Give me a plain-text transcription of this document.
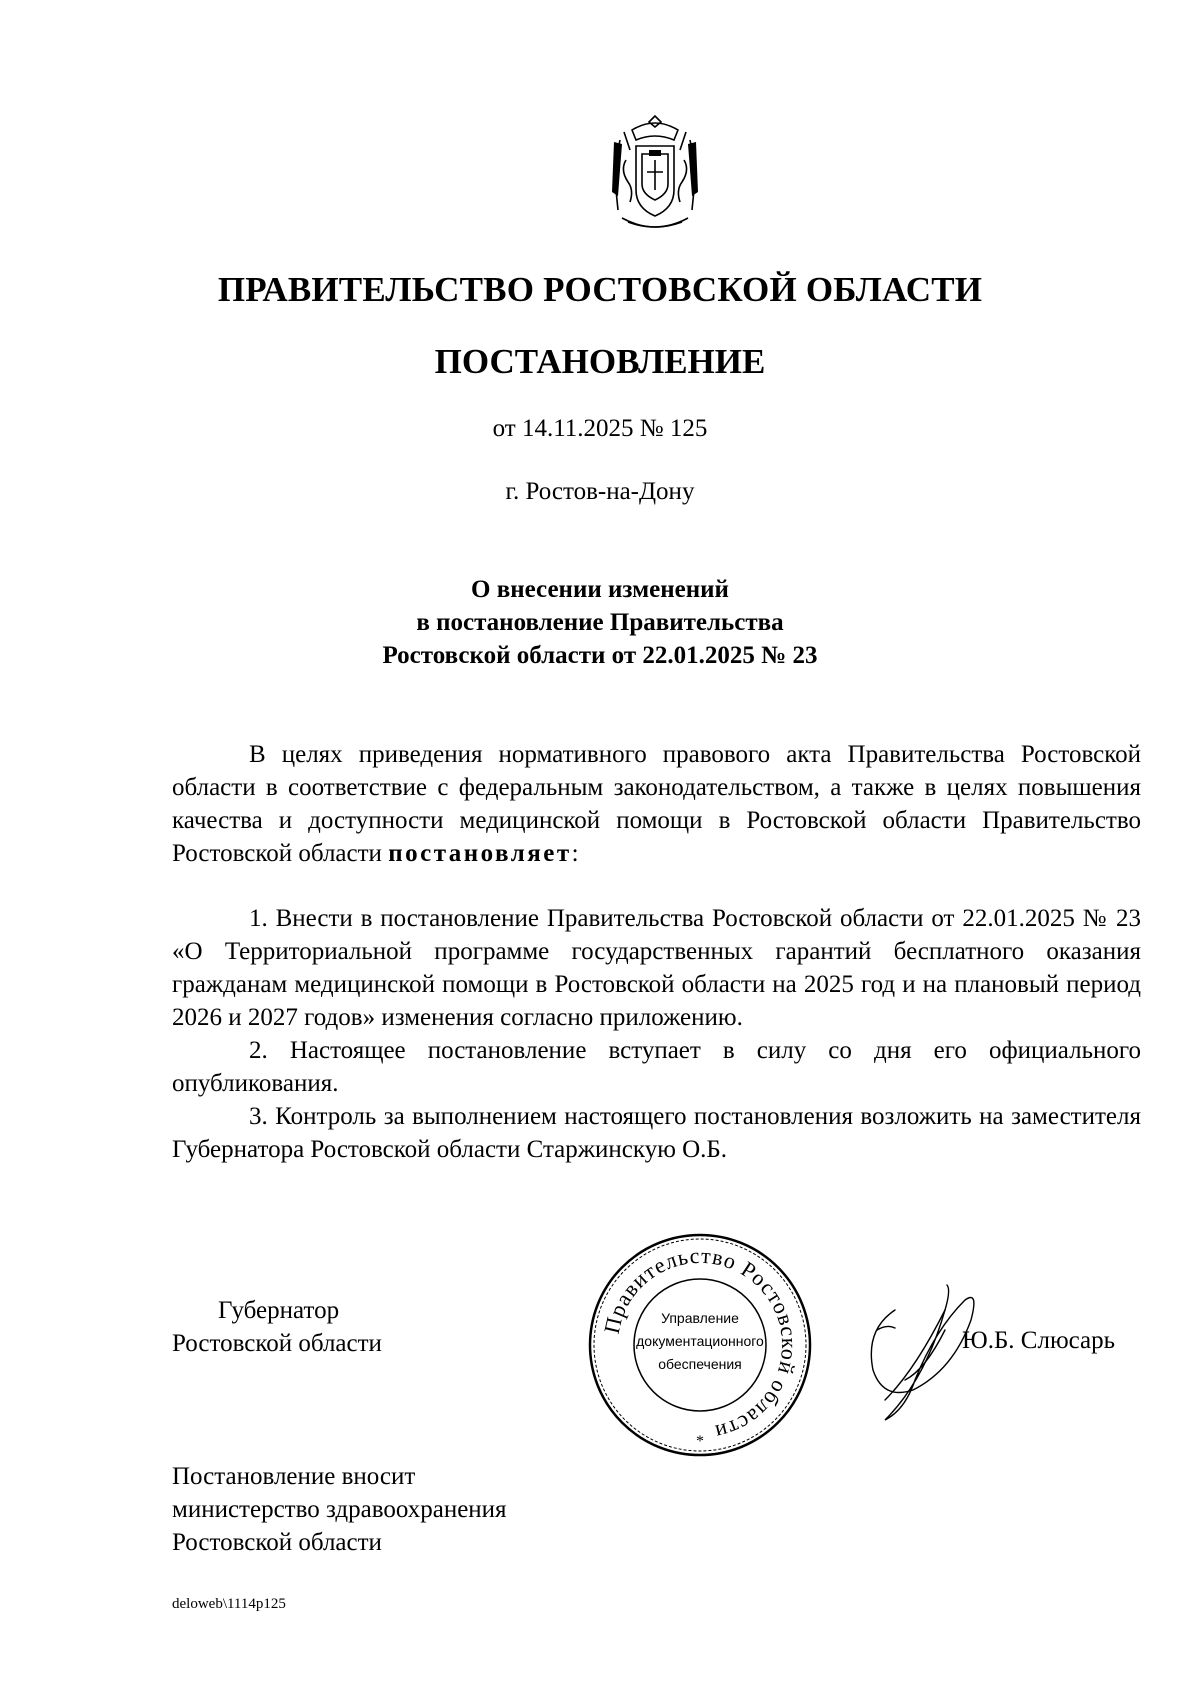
ПРАВИТЕЛЬСТВО РОСТОВСКОЙ ОБЛАСТИ
ПОСТАНОВЛЕНИЕ
от 14.11.2025 № 125
г. Ростов-на-Дону
О внесении изменений
в постановление Правительства
Ростовской области от 22.01.2025 № 23

В целях приведения нормативного правового акта Правительства Ростовской области в соответствие с федеральным законодательством, а также в целях повышения качества и доступности медицинской помощи в Ростовской области Правительство Ростовской области постановляет:

1. Внести в постановление Правительства Ростовской области от 22.01.2025 № 23 «О Территориальной программе государственных гарантий бесплатного оказания гражданам медицинской помощи в Ростовской области на 2025 год и на плановый период 2026 и 2027 годов» изменения согласно приложению.

2. Настоящее постановление вступает в силу со дня его официального опубликования.

3. Контроль за выполнением настоящего постановления возложить на заместителя Губернатора Ростовской области Старжинскую О.Б.

Губернатор
Ростовской области
Правительство Ростовской области
Управление
документационного
обеспечения
*
Ю.Б. Слюсарь
Постановление вносит
министерство здравоохранения
Ростовской области
deloweb\1114p125
